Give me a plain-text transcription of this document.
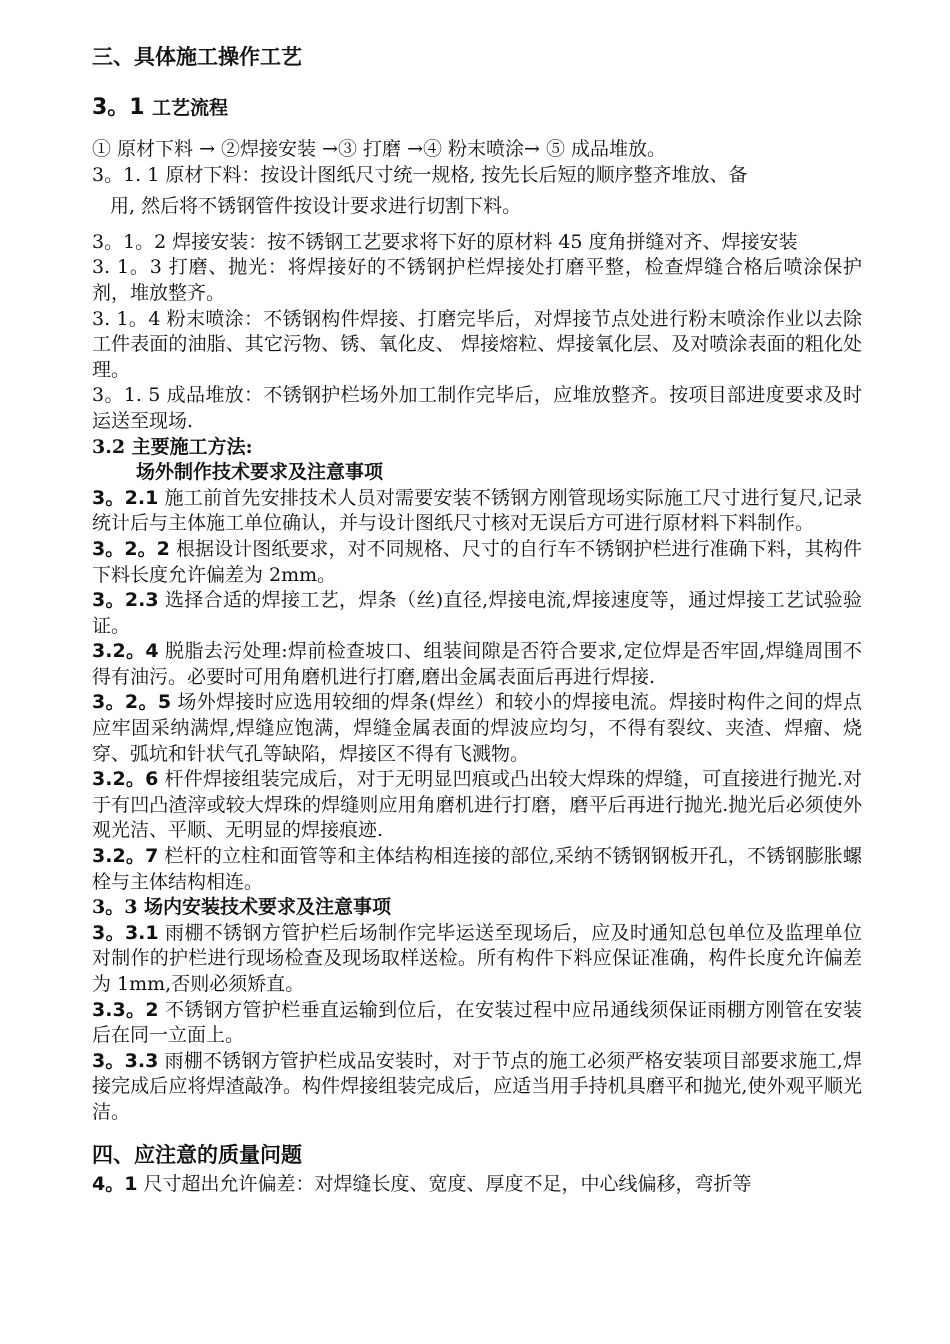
三、具体施工操作工艺
3。1 工艺流程

① 原材下料 → ②焊接安装 →③ 打磨 →④ 粉末喷涂→ ⑤ 成品堆放。

3。1. 1 原材下料：按设计图纸尺寸统一规格, 按先长后短的顺序整齐堆放、备

用, 然后将不锈钢管件按设计要求进行切割下料。

3。1。2 焊接安装：按不锈钢工艺要求将下好的原材料 45 度角拼缝对齐、焊接安装

3. 1。3 打磨、抛光：将焊接好的不锈钢护栏焊接处打磨平整，检查焊缝合格后喷涂保护剂，堆放整齐。

3. 1。4 粉末喷涂：不锈钢构件焊接、打磨完毕后，对焊接节点处进行粉末喷涂作业以去除工件表面的油脂、其它污物、锈、氧化皮、 焊接熔粒、焊接氧化层、及对喷涂表面的粗化处理。

3。1. 5 成品堆放：不锈钢护栏场外加工制作完毕后，应堆放整齐。按项目部进度要求及时运送至现场.

3.2 主要施工方法:

场外制作技术要求及注意事项

3。2.1 施工前首先安排技术人员对需要安装不锈钢方刚管现场实际施工尺寸进行复尺,记录统计后与主体施工单位确认，并与设计图纸尺寸核对无误后方可进行原材料下料制作。

3。2。2 根据设计图纸要求，对不同规格、尺寸的自行车不锈钢护栏进行准确下料，其构件下料长度允许偏差为 2mm。

3。2.3 选择合适的焊接工艺，焊条（丝)直径,焊接电流,焊接速度等，通过焊接工艺试验验证。

3.2。4 脱脂去污处理:焊前检查坡口、组装间隙是否符合要求,定位焊是否牢固,焊缝周围不得有油污。必要时可用角磨机进行打磨,磨出金属表面后再进行焊接.

3。2。5 场外焊接时应选用较细的焊条(焊丝）和较小的焊接电流。焊接时构件之间的焊点应牢固采纳满焊,焊缝应饱满，焊缝金属表面的焊波应均匀，不得有裂纹、夹渣、焊瘤、烧穿、弧坑和针状气孔等缺陷，焊接区不得有飞溅物。

3.2。6 杆件焊接组装完成后，对于无明显凹痕或凸出较大焊珠的焊缝，可直接进行抛光.对于有凹凸渣滓或较大焊珠的焊缝则应用角磨机进行打磨，磨平后再进行抛光.抛光后必须使外观光洁、平顺、无明显的焊接痕迹.

3.2。7 栏杆的立柱和面管等和主体结构相连接的部位,采纳不锈钢钢板开孔，不锈钢膨胀螺栓与主体结构相连。

3。3 场内安装技术要求及注意事项

3。3.1 雨棚不锈钢方管护栏后场制作完毕运送至现场后，应及时通知总包单位及监理单位对制作的护栏进行现场检查及现场取样送检。所有构件下料应保证准确，构件长度允许偏差为 1mm,否则必须矫直。

3.3。2 不锈钢方管护栏垂直运输到位后，在安装过程中应吊通线须保证雨棚方刚管在安装后在同一立面上。

3。3.3 雨棚不锈钢方管护栏成品安装时，对于节点的施工必须严格安装项目部要求施工,焊接完成后应将焊渣敲净。构件焊接组装完成后，应适当用手持机具磨平和抛光,使外观平顺光洁。

四、应注意的质量问题

4。1 尺寸超出允许偏差：对焊缝长度、宽度、厚度不足，中心线偏移，弯折等
